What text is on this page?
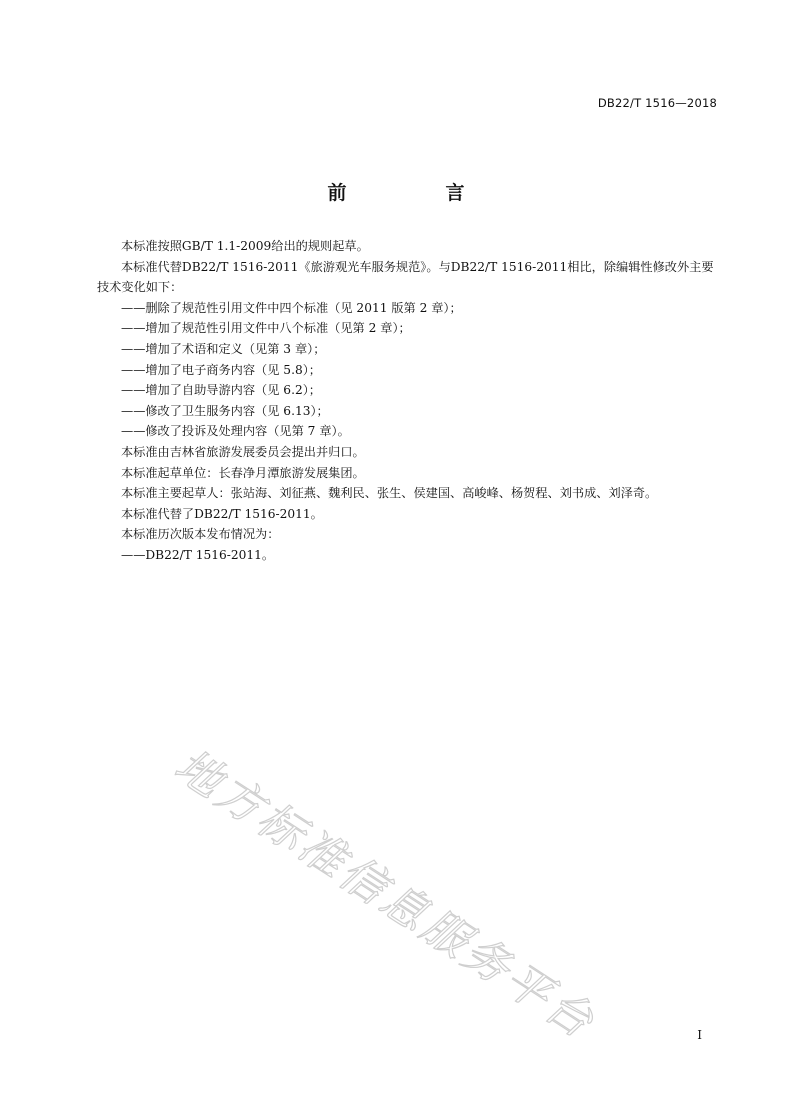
DB22/T 1516—2018
前　言

本标准按照GB/T 1.1-2009给出的规则起草。

本标准代替DB22/T 1516-2011《旅游观光车服务规范》。与DB22/T 1516-2011相比，除编辑性修改外主要技术变化如下：

——删除了规范性引用文件中四个标准（见 2011 版第 2 章）；

——增加了规范性引用文件中八个标准（见第 2 章）；

——增加了术语和定义（见第 3 章）；

——增加了电子商务内容（见 5.8）；

——增加了自助导游内容（见 6.2）；

——修改了卫生服务内容（见 6.13）；

——修改了投诉及处理内容（见第 7 章）。

本标准由吉林省旅游发展委员会提出并归口。

本标准起草单位：长春净月潭旅游发展集团。

本标准主要起草人：张站海、刘征燕、魏利民、张生、侯建国、高峻峰、杨贺程、刘书成、刘泽奇。

本标准代替了DB22/T 1516-2011。

本标准历次版本发布情况为：

——DB22/T 1516-2011。

地方标准信息服务平台	I
